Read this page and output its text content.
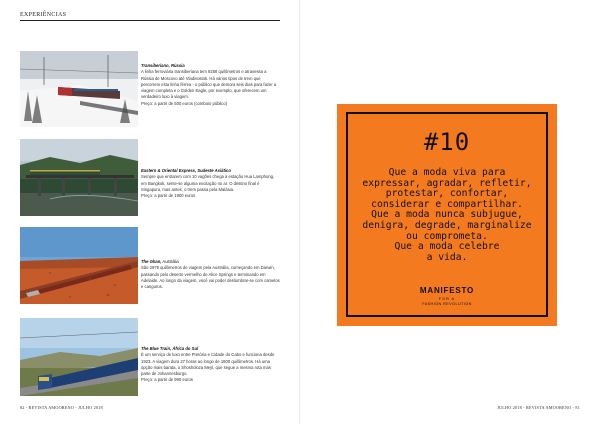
EXPERIÊNCIAS

Transiberiano, Rússia

A linha ferroviária transiberiana tem 9258 quilômetros e atravessa a Rússia de Moscovo até Vladivostok. Há vários tipos de trem que percorrem esta linha férrea - o público que demora seis dias para fazer a viagem completa e o Golden Eagle, por exemplo, que oferecem um verdadeiro luxo à viagem.

Preço: a partir de 500 euros (comboio público)

Eastern & Oriental Express, Sudeste Asiático

Sempre que entrarem com 10 vagões chega à estação Hua Lamphong, em Bangkok, sente-se alguma excitação no ar. O destino final é Singapura, mas antes, o trem passa pela Malásia.

Preço: a partir de 1900 euros

The Ghan, Austrália

São 2979 quilômetros de viagem pela Austrália, começando em Darwin, passando pelo deserto vermelho de Alice Springs e terminando em Adelaide. Ao longo da viagem, você vai poder deslumbrar-se com camelos e cangurus.

The Blue Train, África do Sul

É um serviço de luxo entre Pretória e Cidade do Cabo e funciona desde 1923. A viagem dura 27 horas ao longo de 1600 quilômetros. Há uma opção mais barata, o Shosholoza Meyl, que segue a mesma rota mas parte de Johannesburgo.

Preço: a partir de 990 euros

82 - REVISTA AMOORENO - JULHO 2018	JULHO 2018 - REVISTA AMOORENO - 81
#10
Que a moda viva para
expressar, agradar, refletir,
protestar, confortar,
considerar e compartilhar.
Que a moda nunca subjugue,
denigra, degrade, marginalize
ou comprometa.
Que a moda celebre
a vida.
MANIFESTO
FOR A
FASHION REVOLUTION
